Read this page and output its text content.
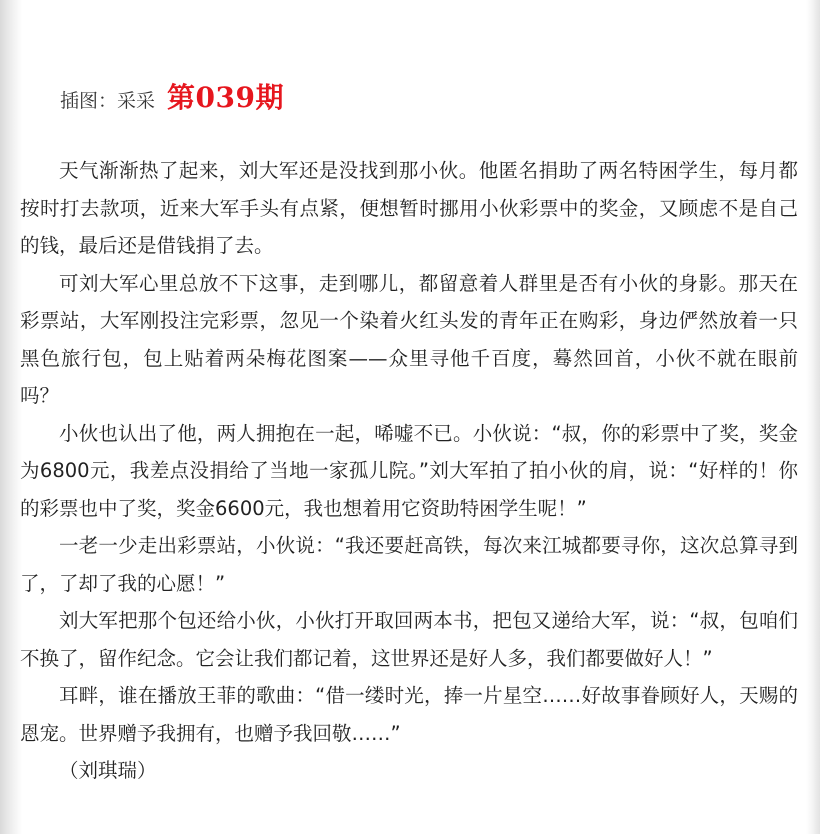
插图：采采 第039期

天气渐渐热了起来，刘大军还是没找到那小伙。他匿名捐助了两名特困学生，每月都按时打去款项，近来大军手头有点紧，便想暂时挪用小伙彩票中的奖金，又顾虑不是自己的钱，最后还是借钱捐了去。

可刘大军心里总放不下这事，走到哪儿，都留意着人群里是否有小伙的身影。那天在彩票站，大军刚投注完彩票，忽见一个染着火红头发的青年正在购彩，身边俨然放着一只黑色旅行包，包上贴着两朵梅花图案——众里寻他千百度，蓦然回首，小伙不就在眼前吗？

小伙也认出了他，两人拥抱在一起，唏嘘不已。小伙说：“叔，你的彩票中了奖，奖金为6800元，我差点没捐给了当地一家孤儿院。”刘大军拍了拍小伙的肩，说：“好样的！你的彩票也中了奖，奖金6600元，我也想着用它资助特困学生呢！”

一老一少走出彩票站，小伙说：“我还要赶高铁，每次来江城都要寻你，这次总算寻到了，了却了我的心愿！”

刘大军把那个包还给小伙，小伙打开取回两本书，把包又递给大军，说：“叔，包咱们不换了，留作纪念。它会让我们都记着，这世界还是好人多，我们都要做好人！”

耳畔，谁在播放王菲的歌曲：“借一缕时光，捧一片星空……好故事眷顾好人，天赐的恩宠。世界赠予我拥有，也赠予我回敬……”

（刘琪瑞）
